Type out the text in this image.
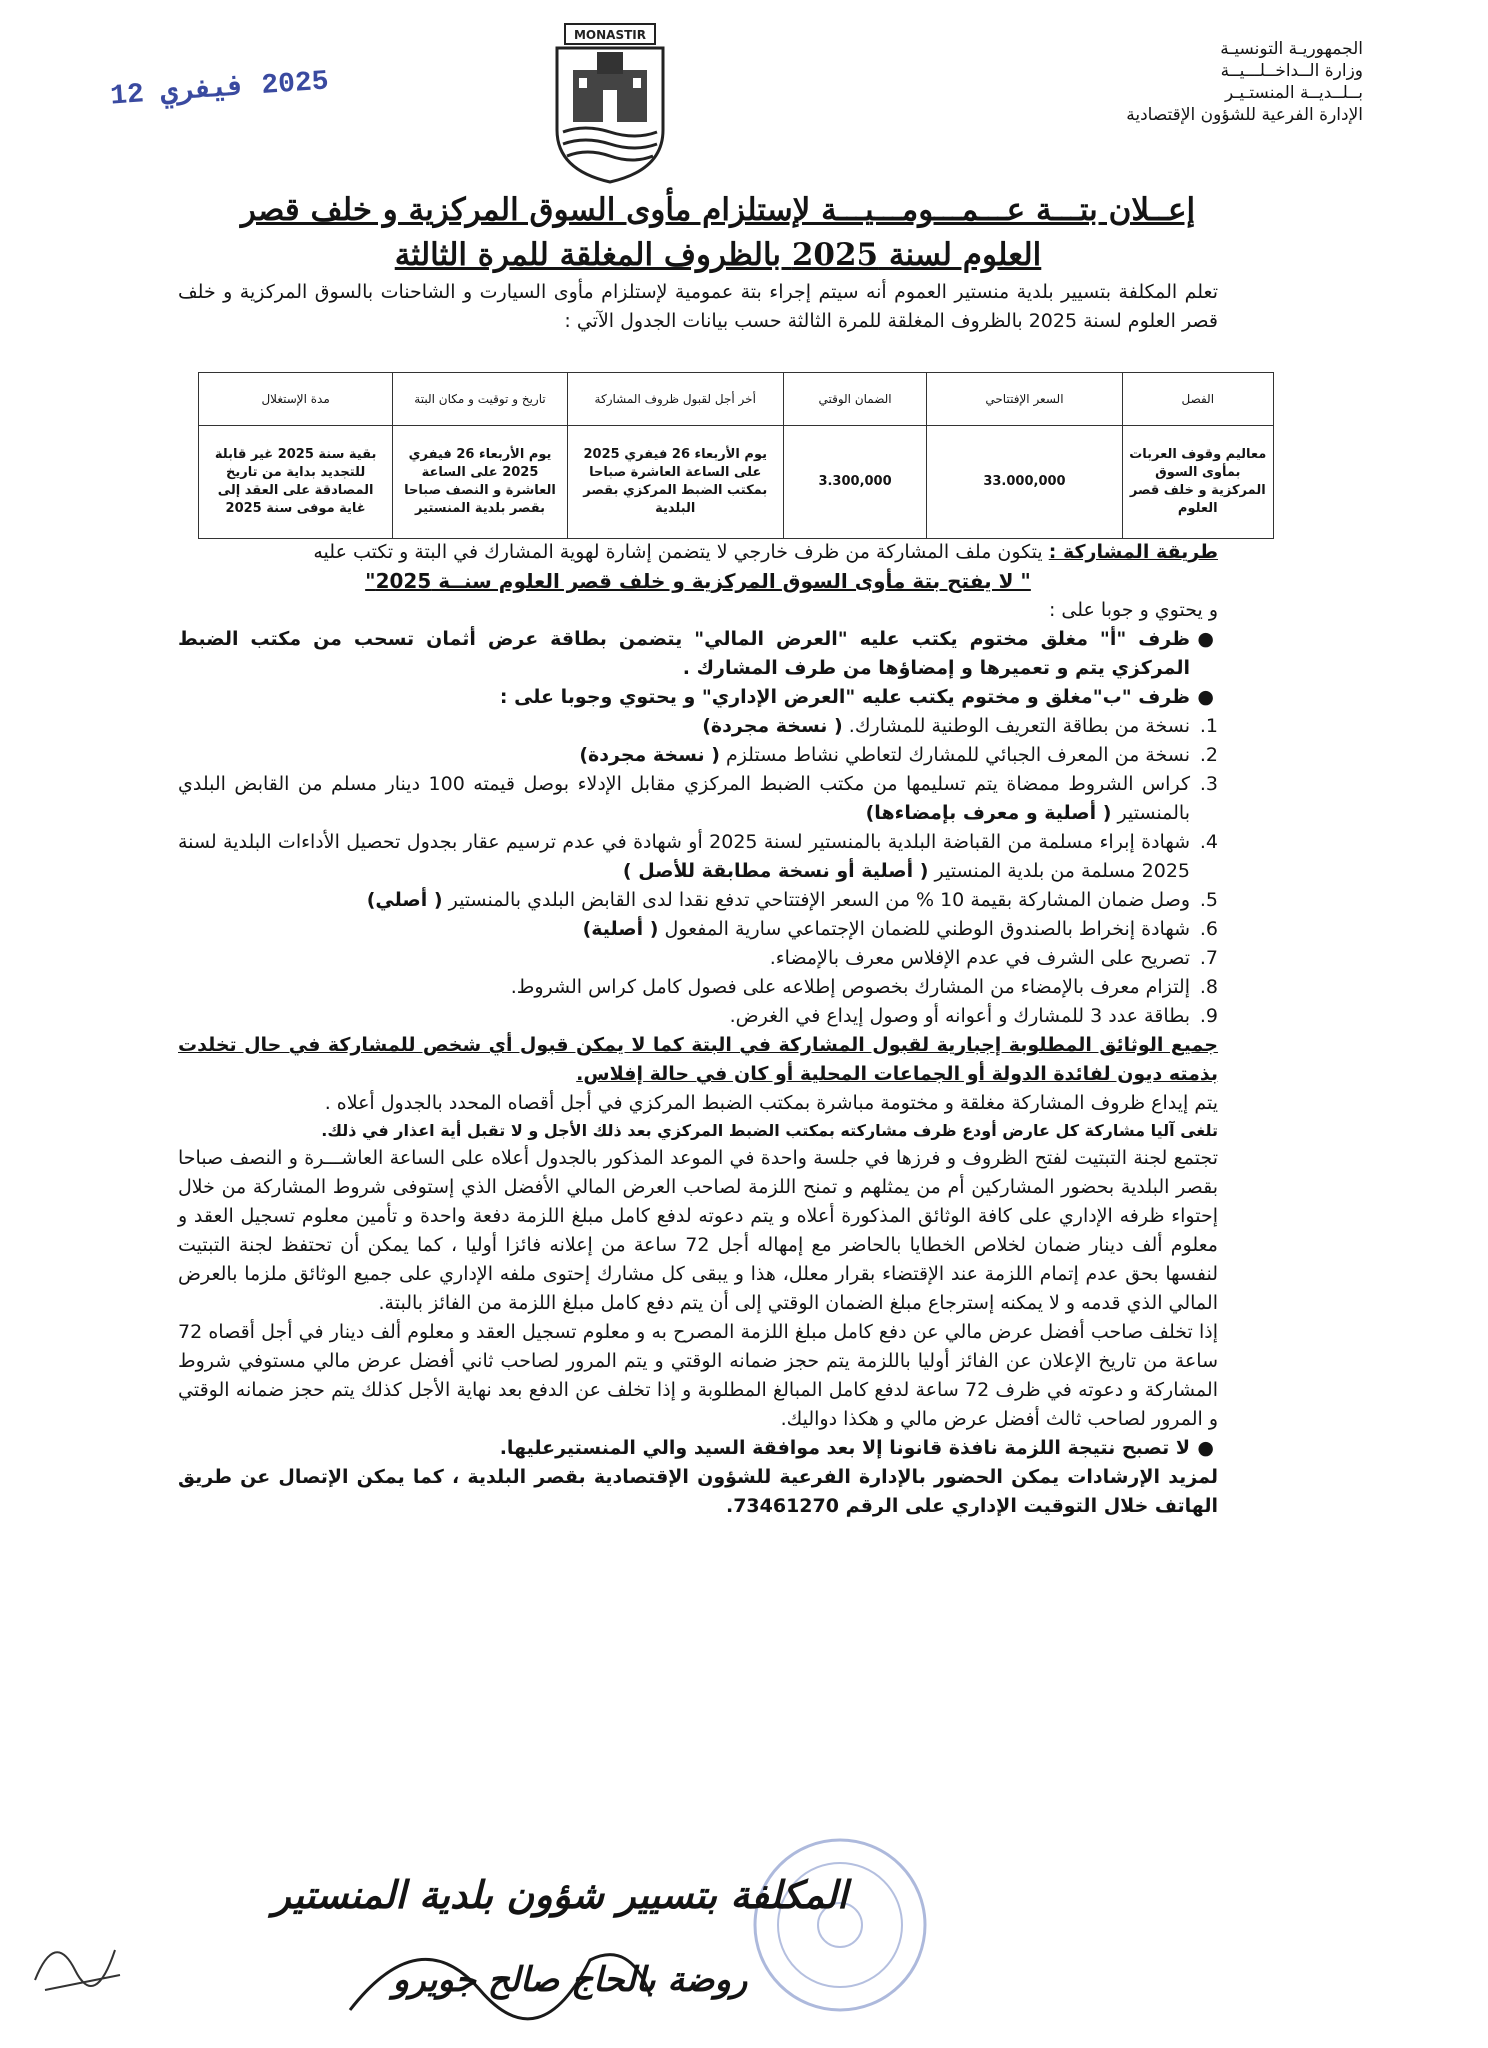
الجمهوريـة التونسيـة
وزارة الــداخــلـــيــة
بــلــديــة المنستـيـر
الإدارة الفرعية للشؤون الإقتصادية
2025 فيفري 12
MONASTIR
إعــلان بتـــة عـــمـــومـــيـــة لإستلزام مأوى السوق المركزية و خلف قصر
العلوم لسنة 2025 بالظروف المغلقة للمرة الثالثة
تعلم المكلفة بتسيير بلدية منستير العموم أنه سيتم إجراء بتة عمومية لإستلزام مأوى السيارت و الشاحنات بالسوق المركزية و خلف قصر العلوم لسنة 2025 بالظروف المغلقة للمرة الثالثة حسب بيانات الجدول الآتي :
الفصل	السعر الإفتتاحي	الضمان الوقتي	أخر أجل لقبول ظروف المشاركة	تاريخ و توقيت و مكان البتة	مدة الإستغلال
معاليم وقوف العربات بمأوى السوق المركزية و خلف قصر العلوم	33.000,000	3.300,000	يوم الأربعاء 26 فيفري 2025 على الساعة العاشرة صباحا بمكتب الضبط المركزي بقصر البلدية	يوم الأربعاء 26 فيفري 2025 على الساعة العاشرة و النصف صباحا بقصر بلدية المنستير	بقية سنة 2025 غير قابلة للتجديد بداية من تاريخ المصادقة على العقد إلى غاية موفى سنة 2025
طريقة المشاركة : يتكون ملف المشاركة من ظرف خارجي لا يتضمن إشارة لهوية المشارك في البتة و تكتب عليه
" لا يفتح بتة مأوى السوق المركزية و خلف قصر العلوم سنــة 2025"
و يحتوي و جوبا على :
●
ظرف "أ" مغلق مختوم يكتب عليه "العرض المالي" يتضمن بطاقة عرض أثمان تسحب من مكتب الضبط المركزي يتم و تعميرها و إمضاؤها من طرف المشارك .
●
ظرف "ب"مغلق و مختوم يكتب عليه "العرض الإداري" و يحتوي وجوبا على :
1.
نسخة من بطاقة التعريف الوطنية للمشارك. ( نسخة مجردة)
2.
نسخة من المعرف الجبائي للمشارك لتعاطي نشاط مستلزم ( نسخة مجردة)
3.
كراس الشروط ممضاة يتم تسليمها من مكتب الضبط المركزي مقابل الإدلاء بوصل قيمته 100 دينار مسلم من القابض البلدي بالمنستير ( أصلية و معرف بإمضاءها)
4.
شهادة إبراء مسلمة من القباضة البلدية بالمنستير لسنة 2025 أو شهادة في عدم ترسيم عقار بجدول تحصيل الأداءات البلدية لسنة 2025 مسلمة من بلدية المنستير ( أصلية أو نسخة مطابقة للأصل )
5.
وصل ضمان المشاركة بقيمة 10 % من السعر الإفتتاحي تدفع نقدا لدى القابض البلدي بالمنستير ( أصلي)
6.
شهادة إنخراط بالصندوق الوطني للضمان الإجتماعي سارية المفعول ( أصلية)
7.
تصريح على الشرف في عدم الإفلاس معرف بالإمضاء.
8.
إلتزام معرف بالإمضاء من المشارك بخصوص إطلاعه على فصول كامل كراس الشروط.
9.
بطاقة عدد 3 للمشارك و أعوانه أو وصول إيداع في الغرض.
جميع الوثائق المطلوبة إجبارية لقبول المشاركة في البتة كما لا يمكن قبول أي شخص للمشاركة في حال تخلدت بذمته ديون لفائدة الدولة أو الجماعات المحلية أو كان في حالة إفلاس.
يتم إيداع ظروف المشاركة مغلقة و مختومة مباشرة بمكتب الضبط المركزي في أجل أقصاه المحدد بالجدول أعلاه .
تلغى آليا مشاركة كل عارض أودع ظرف مشاركته بمكتب الضبط المركزي بعد ذلك الأجل و لا تقبل أية اعذار في ذلك.
تجتمع لجنة التبتيت لفتح الظروف و فرزها في جلسة واحدة في الموعد المذكور بالجدول أعلاه على الساعة العاشـــرة و النصف صباحا بقصر البلدية بحضور المشاركين أم من يمثلهم و تمنح اللزمة لصاحب العرض المالي الأفضل الذي إستوفى شروط المشاركة من خلال إحتواء ظرفه الإداري على كافة الوثائق المذكورة أعلاه و يتم دعوته لدفع كامل مبلغ اللزمة دفعة واحدة و تأمين معلوم تسجيل العقد و معلوم ألف دينار ضمان لخلاص الخطايا بالحاضر مع إمهاله أجل 72 ساعة من إعلانه فائزا أوليا ، كما يمكن أن تحتفظ لجنة التبتيت لنفسها بحق عدم إتمام اللزمة عند الإقتضاء بقرار معلل، هذا و يبقى كل مشارك إحتوى ملفه الإداري على جميع الوثائق ملزما بالعرض المالي الذي قدمه و لا يمكنه إسترجاع مبلغ الضمان الوقتي إلى أن يتم دفع كامل مبلغ اللزمة من الفائز بالبتة.
إذا تخلف صاحب أفضل عرض مالي عن دفع كامل مبلغ اللزمة المصرح به و معلوم تسجيل العقد و معلوم ألف دينار في أجل أقصاه 72 ساعة من تاريخ الإعلان عن الفائز أوليا باللزمة يتم حجز ضمانه الوقتي و يتم المرور لصاحب ثاني أفضل عرض مالي مستوفي شروط المشاركة و دعوته في ظرف 72 ساعة لدفع كامل المبالغ المطلوبة و إذا تخلف عن الدفع بعد نهاية الأجل كذلك يتم حجز ضمانه الوقتي و المرور لصاحب ثالث أفضل عرض مالي و هكذا دواليك.
●
لا تصبح نتيجة اللزمة نافذة قانونا إلا بعد موافقة السيد والي المنستيرعليها.
لمزيد الإرشادات يمكن الحضور بالإدارة الفرعية للشؤون الإقتصادية بقصر البلدية ، كما يمكن الإتصال عن طريق الهاتف خلال التوقيت الإداري على الرقم 73461270.
المكلفة بتسيير شؤون بلدية المنستير
روضة بالحاج صالح جويرو
